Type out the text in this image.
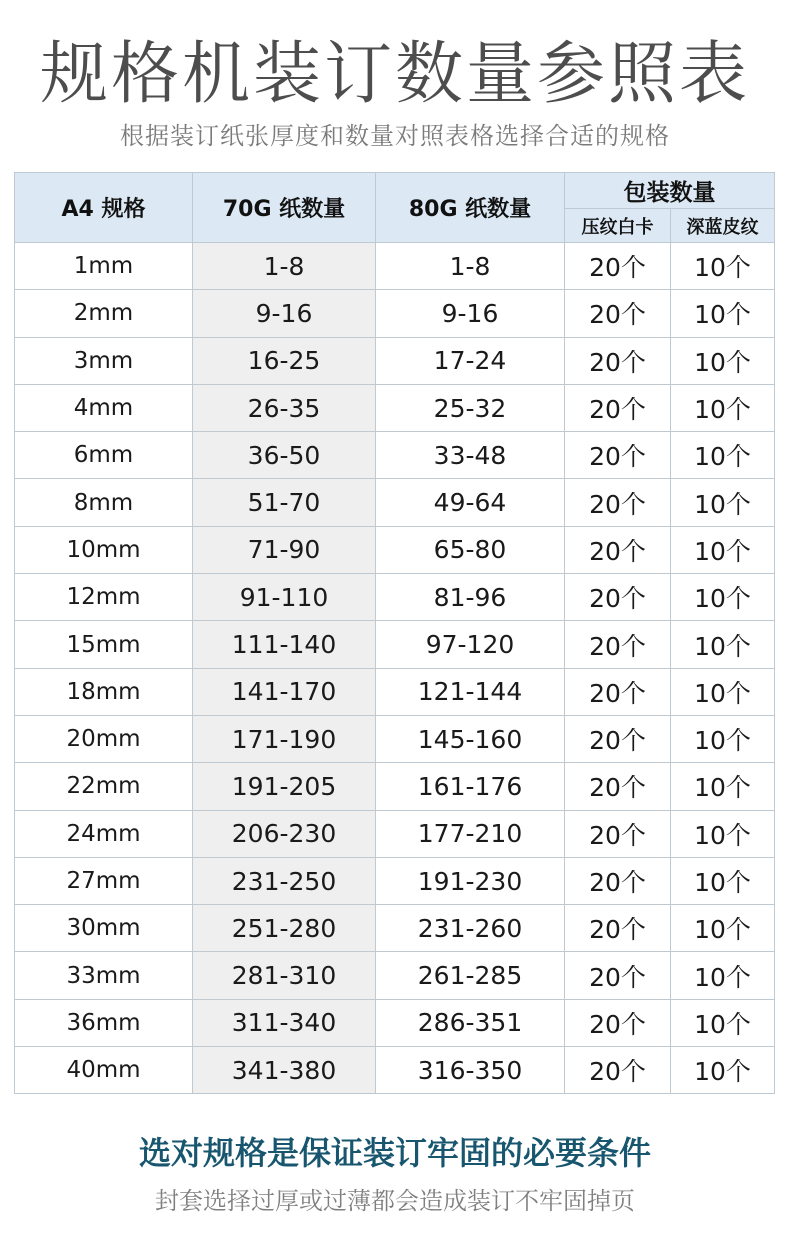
规格机装订数量参照表
根据装订纸张厚度和数量对照表格选择合适的规格
A4 规格	70G 纸数量	80G 纸数量	包装数量	
			压纹白卡	深蓝皮纹
1mm	1-8	1-8	20个	10个
2mm	9-16	9-16	20个	10个
3mm	16-25	17-24	20个	10个
4mm	26-35	25-32	20个	10个
6mm	36-50	33-48	20个	10个
8mm	51-70	49-64	20个	10个
10mm	71-90	65-80	20个	10个
12mm	91-110	81-96	20个	10个
15mm	111-140	97-120	20个	10个
18mm	141-170	121-144	20个	10个
20mm	171-190	145-160	20个	10个
22mm	191-205	161-176	20个	10个
24mm	206-230	177-210	20个	10个
27mm	231-250	191-230	20个	10个
30mm	251-280	231-260	20个	10个
33mm	281-310	261-285	20个	10个
36mm	311-340	286-351	20个	10个
40mm	341-380	316-350	20个	10个
选对规格是保证装订牢固的必要条件
封套选择过厚或过薄都会造成装订不牢固掉页
